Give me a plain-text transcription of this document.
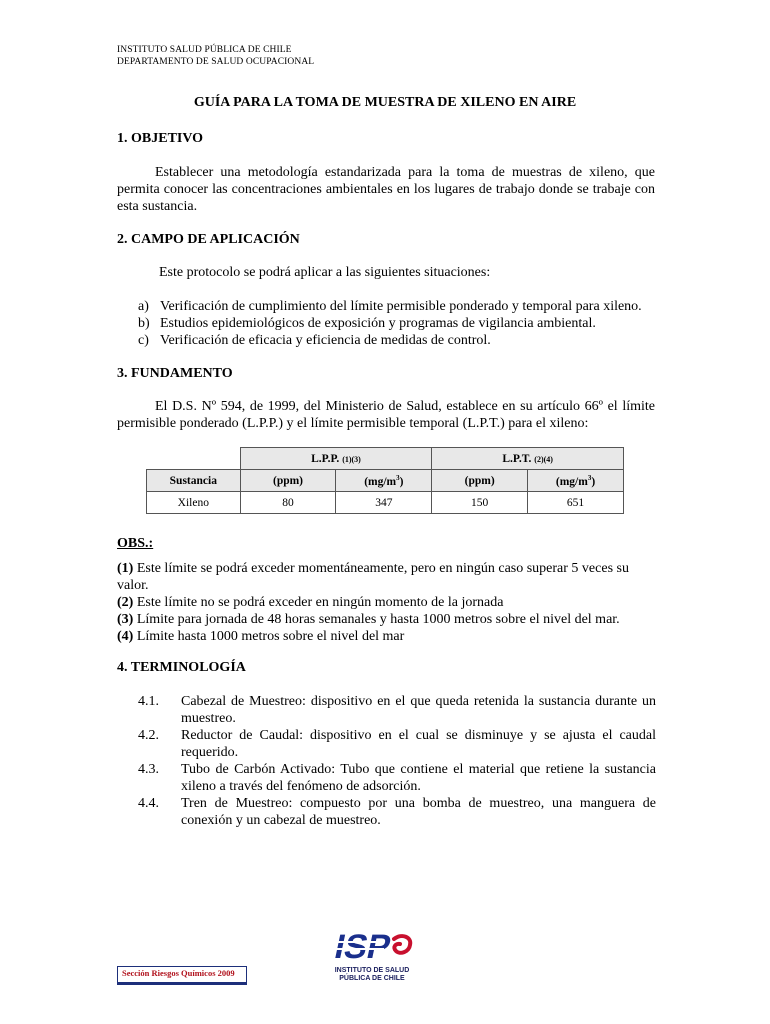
INSTITUTO SALUD PÚBLICA DE CHILE
DEPARTAMENTO DE SALUD OCUPACIONAL
GUÍA PARA LA TOMA DE MUESTRA DE XILENO EN AIRE
1. OBJETIVO
Establecer una metodología estandarizada para la toma de muestras de xileno, que permita conocer las concentraciones ambientales en los lugares de trabajo donde se trabaje con esta sustancia.
2. CAMPO DE APLICACIÓN
Este protocolo se podrá aplicar a las siguientes situaciones:
a) Verificación de cumplimiento del límite permisible ponderado y temporal para xileno.
b) Estudios epidemiológicos de exposición y programas de vigilancia ambiental.
c) Verificación de eficacia y eficiencia de medidas de control.
3. FUNDAMENTO
El D.S. Nº 594, de 1999, del Ministerio de Salud, establece en su artículo 66º el límite permisible ponderado (L.P.P.) y el límite permisible temporal (L.P.T.) para el xileno:
	L.P.P. (1)(3)		L.P.T. (2)(4)	
Sustancia	(ppm)	$(mg/m^3)$	(ppm)	$(mg/m^3)$
Xileno	80	347	150	651
OBS.:
(1) Este límite se podrá exceder momentáneamente, pero en ningún caso superar 5 veces su valor.
(2) Este límite no se podrá exceder en ningún momento de la jornada
(3) Límite para jornada de 48 horas semanales y hasta 1000 metros sobre el nivel del mar.
(4) Límite hasta 1000 metros sobre el nivel del mar
4. TERMINOLOGÍA
4.1.	Cabezal de Muestreo: dispositivo en el que queda retenida la sustancia durante un muestreo.
4.2.	Reductor de Caudal: dispositivo en el cual se disminuye y se ajusta el caudal requerido.
4.3.	Tubo de Carbón Activado: Tubo que contiene el material que retiene la sustancia xileno a través del fenómeno de adsorción.
4.4.	Tren de Muestreo: compuesto por una bomba de muestreo, una manguera de conexión y un cabezal de muestreo.
Sección Riesgos Químicos 2009
ISP
INSTITUTO DE SALUD
PÚBLICA DE CHILE
